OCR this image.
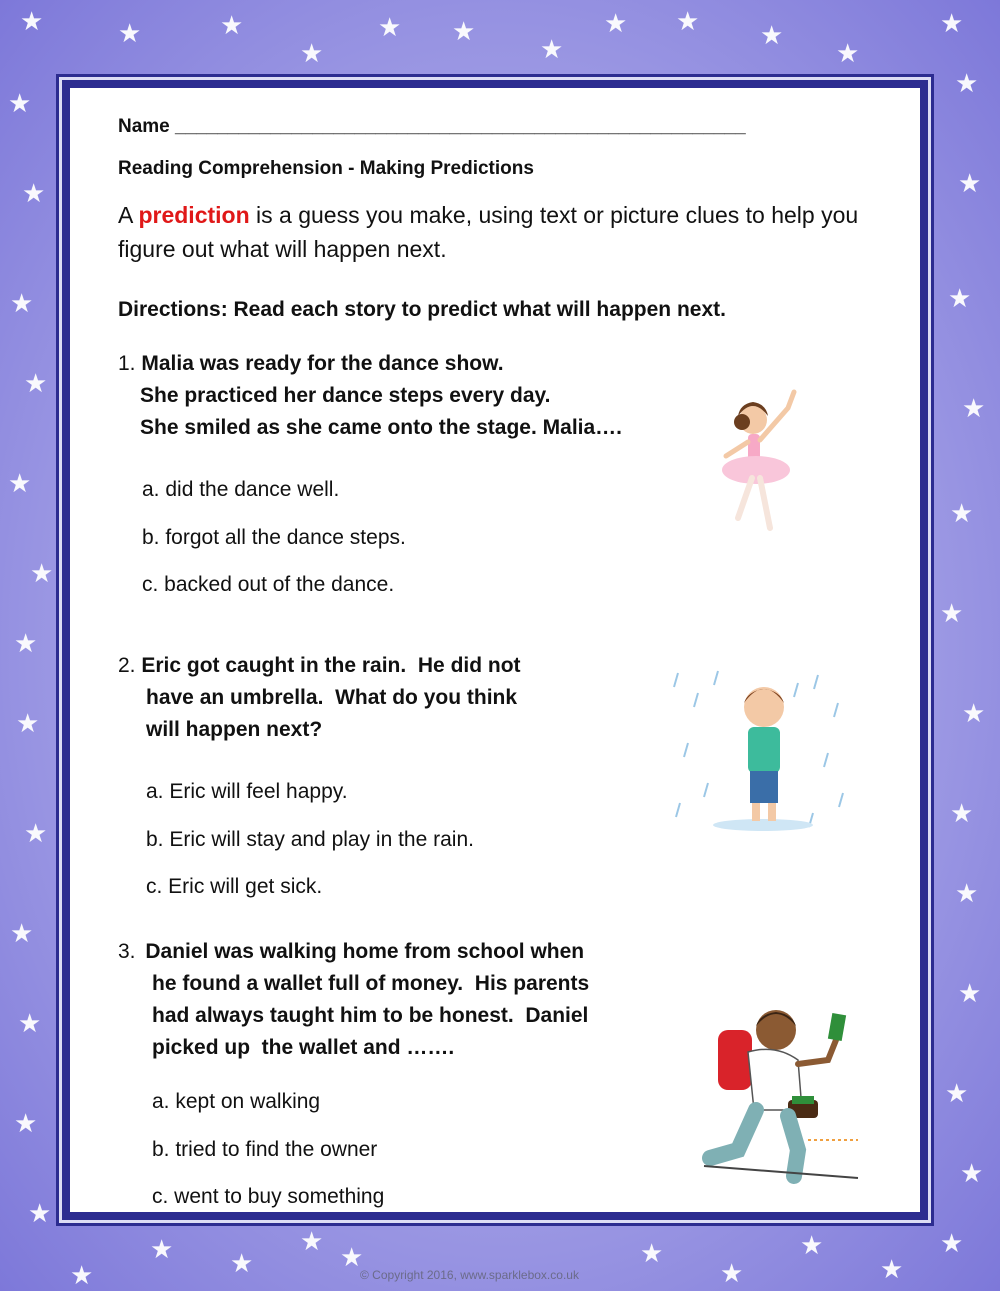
★	★	★
★
★ ★
★
★ ★ ★
★
★
★
★
★	★
★	★
★
★
★
★
★
★
★
★
★
★
★
★
★
★
★
★
★
★
★
★
★ ★
★
★	★
★
★
★
★
Name ______________________________________________________
Reading Comprehension - Making Predictions
A prediction is a guess you make, using text or picture clues to help you figure out what will happen next.
Directions: Read each story to predict what will happen next.
1. Malia was ready for the dance show.
She practiced her dance steps every day.
She smiled as she came onto the stage. Malia….
a. did the dance well.
b. forgot all the dance steps.
c. backed out of the dance.
2. Eric got caught in the rain.  He did not
have an umbrella.  What do you think
will happen next?
a. Eric will feel happy.
b. Eric will stay and play in the rain.
c. Eric will get sick.
3. Daniel was walking home from school when
he found a wallet full of money.  His parents
had always taught him to be honest.  Daniel
picked up  the wallet and …….
a. kept on walking
b. tried to find the owner
c. went to buy something
© Copyright 2016, www.sparklebox.co.uk
